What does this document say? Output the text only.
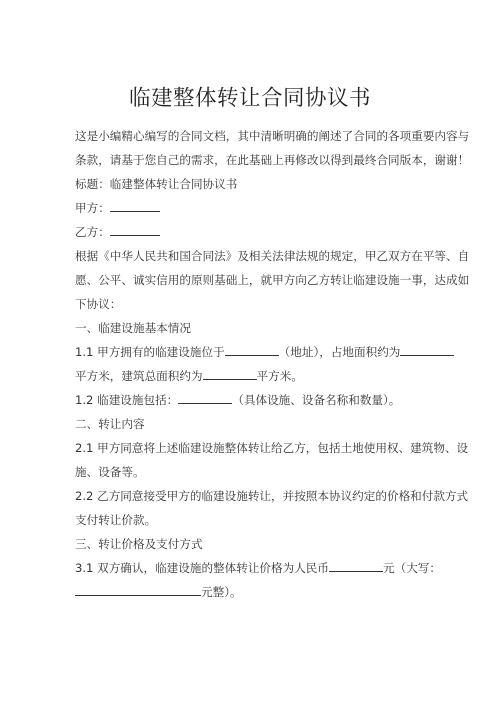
临建整体转让合同协议书

这是小编精心编写的合同文档，其中清晰明确的阐述了合同的各项重要内容与

条款，请基于您自己的需求，在此基础上再修改以得到最终合同版本，谢谢！

标题：临建整体转让合同协议书

甲方：

乙方：

根据《中华人民共和国合同法》及相关法律法规的规定，甲乙双方在平等、自

愿、公平、诚实信用的原则基础上，就甲方向乙方转让临建设施一事，达成如

下协议：

一、临建设施基本情况

1.1 甲方拥有的临建设施位于	（地址），占地面积约为

平方米，建筑总面积约为	平方米。

1.2 临建设施包括：	（具体设施、设备名称和数量）。

二、转让内容

2.1 甲方同意将上述临建设施整体转让给乙方，包括土地使用权、建筑物、设

施、设备等。

2.2 乙方同意接受甲方的临建设施转让，并按照本协议约定的价格和付款方式

支付转让价款。

三、转让价格及支付方式

3.1 双方确认，临建设施的整体转让价格为人民币	元（大写：

元整）。
